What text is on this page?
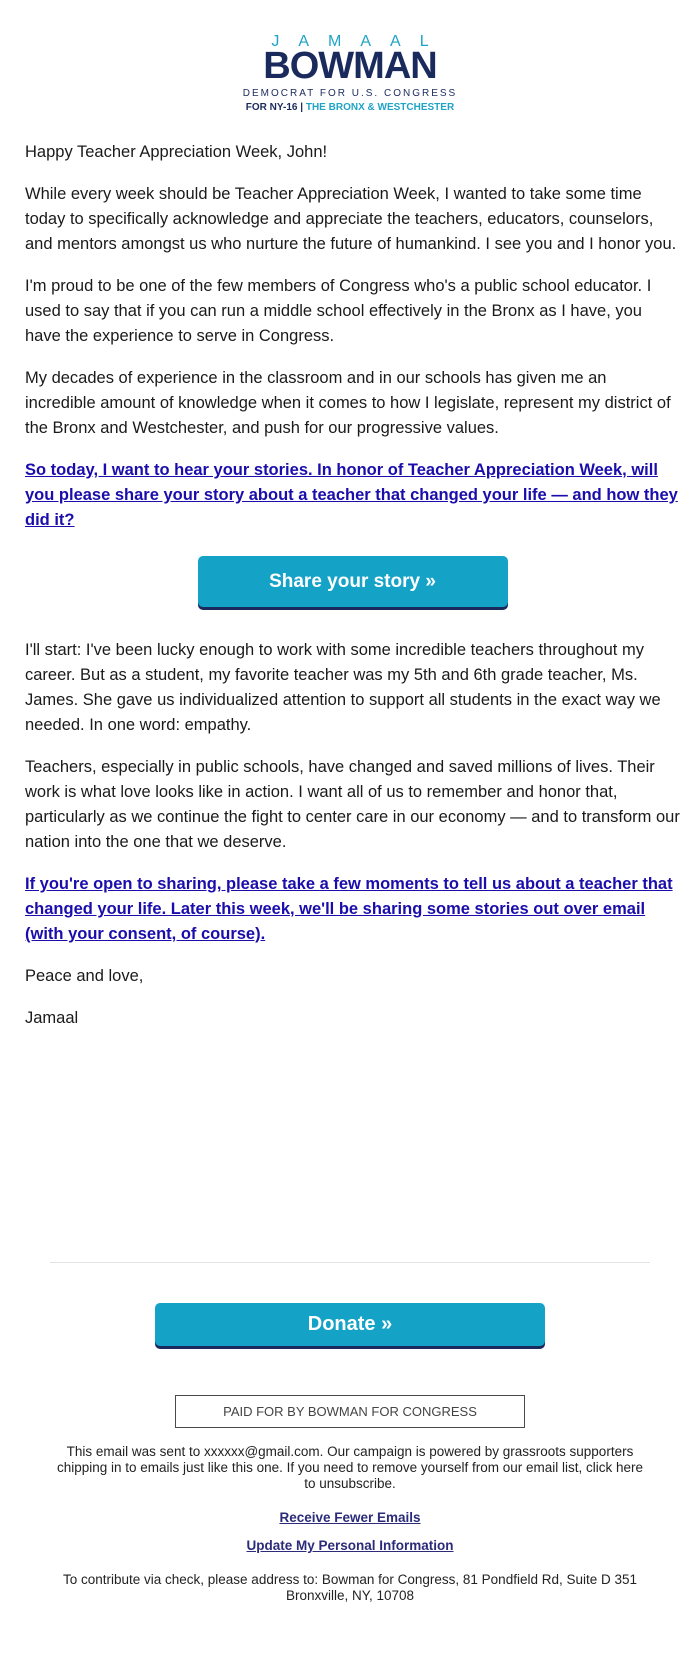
JAMAAL
BOWMAN
DEMOCRAT FOR U.S. CONGRESS
FOR NY-16 | THE BRONX & WESTCHESTER

Happy Teacher Appreciation Week, John!

While every week should be Teacher Appreciation Week, I wanted to take some time today to specifically acknowledge and appreciate the teachers, educators, counselors, and mentors amongst us who nurture the future of humankind. I see you and I honor you.

I'm proud to be one of the few members of Congress who's a public school educator. I used to say that if you can run a middle school effectively in the Bronx as I have, you have the experience to serve in Congress.

My decades of experience in the classroom and in our schools has given me an incredible amount of knowledge when it comes to how I legislate, represent my district of the Bronx and Westchester, and push for our progressive values.

So today, I want to hear your stories. In honor of Teacher Appreciation Week, will you please share your story about a teacher that changed your life — and how they did it?

Share your story »

I'll start: I've been lucky enough to work with some incredible teachers throughout my career. But as a student, my favorite teacher was my 5th and 6th grade teacher, Ms. James. She gave us individualized attention to support all students in the exact way we needed. In one word: empathy.

Teachers, especially in public schools, have changed and saved millions of lives. Their work is what love looks like in action. I want all of us to remember and honor that, particularly as we continue the fight to center care in our economy — and to transform our nation into the one that we deserve.

If you're open to sharing, please take a few moments to tell us about a teacher that changed your life. Later this week, we'll be sharing some stories out over email (with your consent, of course).

Peace and love,

Jamaal

Donate »
PAID FOR BY BOWMAN FOR CONGRESS

This email was sent to xxxxxx@gmail.com. Our campaign is powered by grassroots supporters chipping in to emails just like this one. If you need to remove yourself from our email list, click here to unsubscribe.

Receive Fewer Emails
Update My Personal Information

To contribute via check, please address to: Bowman for Congress, 81 Pondfield Rd, Suite D 351 Bronxville, NY, 10708
